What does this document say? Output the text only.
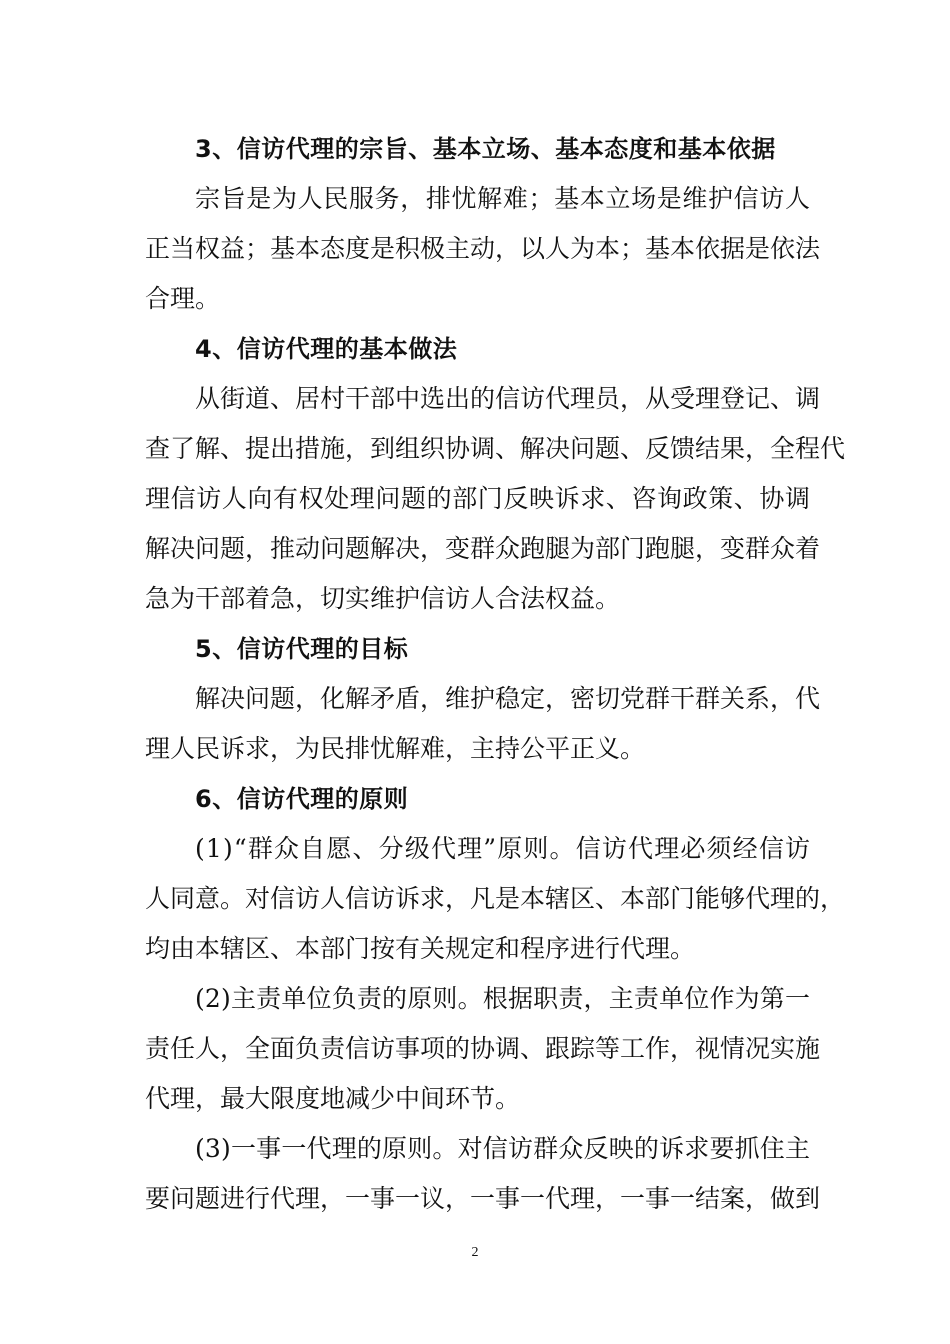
3、信访代理的宗旨、基本立场、基本态度和基本依据
宗旨是为人民服务，排忧解难；基本立场是维护信访人
正当权益；基本态度是积极主动，以人为本；基本依据是依法
合理。
4、信访代理的基本做法
从街道、居村干部中选出的信访代理员，从受理登记、调
查了解、提出措施，到组织协调、解决问题、反馈结果，全程代
理信访人向有权处理问题的部门反映诉求、咨询政策、协调
解决问题，推动问题解决，变群众跑腿为部门跑腿，变群众着
急为干部着急，切实维护信访人合法权益。
5、信访代理的目标
解决问题，化解矛盾，维护稳定，密切党群干群关系，代
理人民诉求，为民排忧解难，主持公平正义。
6、信访代理的原则
(1)“群众自愿、分级代理”原则。信访代理必须经信访
人同意。对信访人信访诉求，凡是本辖区、本部门能够代理的，
均由本辖区、本部门按有关规定和程序进行代理。
(2)主责单位负责的原则。根据职责，主责单位作为第一
责任人，全面负责信访事项的协调、跟踪等工作，视情况实施
代理，最大限度地减少中间环节。
(3)一事一代理的原则。对信访群众反映的诉求要抓住主
要问题进行代理，一事一议，一事一代理，一事一结案，做到
2
